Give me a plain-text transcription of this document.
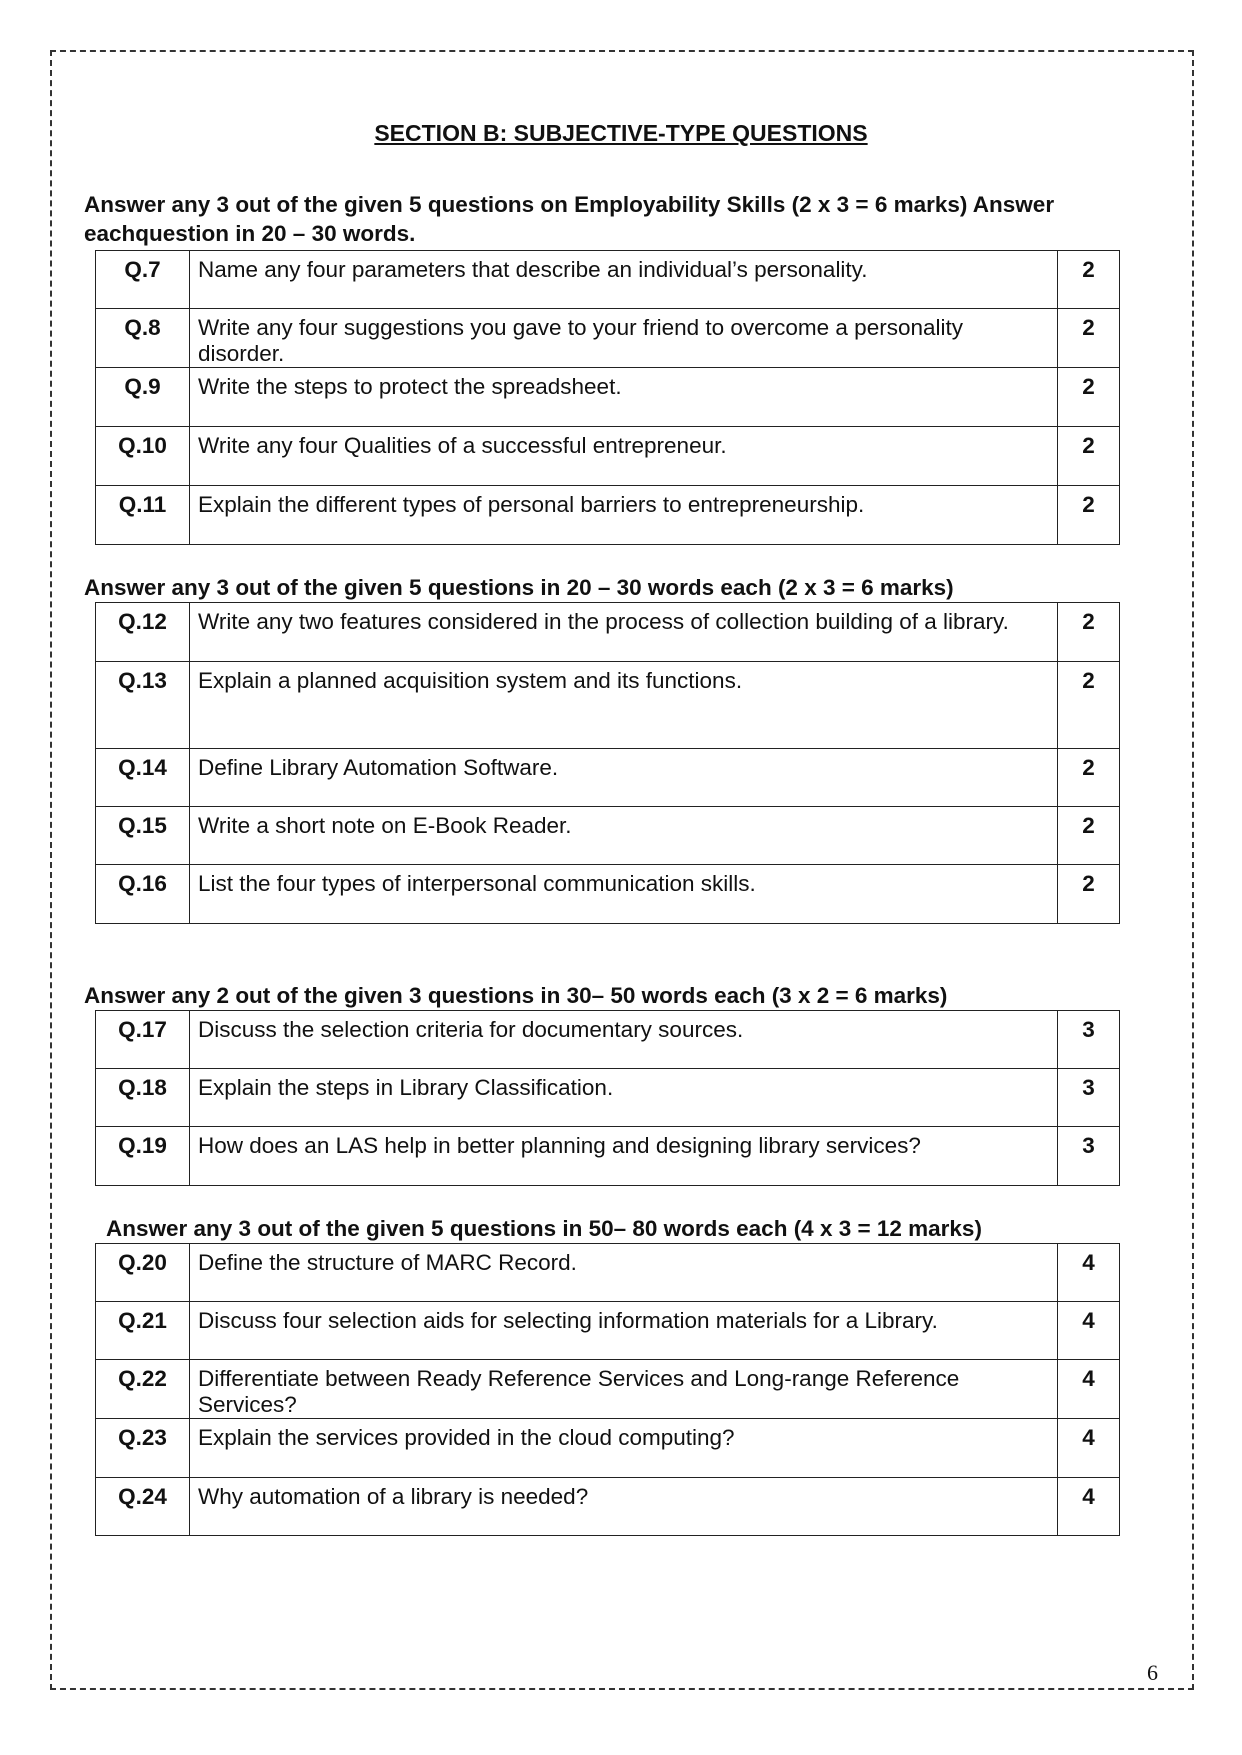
SECTION B: SUBJECTIVE-TYPE QUESTIONS
Answer any 3 out of the given 5 questions on Employability Skills (2 x 3 = 6 marks) Answer
eachquestion in 20 – 30 words.
Q.7	Name any four parameters that describe an individual’s personality.	2
Q.8	Write any four suggestions you gave to your friend to overcome a personality disorder.	2
Q.9	Write the steps to protect the spreadsheet.	2
Q.10	Write any four Qualities of a successful entrepreneur.	2
Q.11	Explain the different types of personal barriers to entrepreneurship.	2
Answer any 3 out of the given 5 questions in 20 – 30 words each (2 x 3 = 6 marks)
Q.12	Write any two features considered in the process of collection building of a library.	2
Q.13	Explain a planned acquisition system and its functions.	2
Q.14	Define Library Automation Software.	2
Q.15	Write a short note on E-Book Reader.	2
Q.16	List the four types of interpersonal communication skills.	2
Answer any 2 out of the given 3 questions in 30– 50 words each (3 x 2 = 6 marks)
Q.17	Discuss the selection criteria for documentary sources.	3
Q.18	Explain the steps in Library Classification.	3
Q.19	How does an LAS help in better planning and designing library services?	3
Answer any 3 out of the given 5 questions in 50– 80 words each (4 x 3 = 12 marks)
Q.20	Define the structure of MARC Record.	4
Q.21	Discuss four selection aids for selecting information materials for a Library.	4
Q.22	Differentiate between Ready Reference Services and Long-range Reference Services?	4
Q.23	Explain the services provided in the cloud computing?	4
Q.24	Why automation of a library is needed?	4
6
